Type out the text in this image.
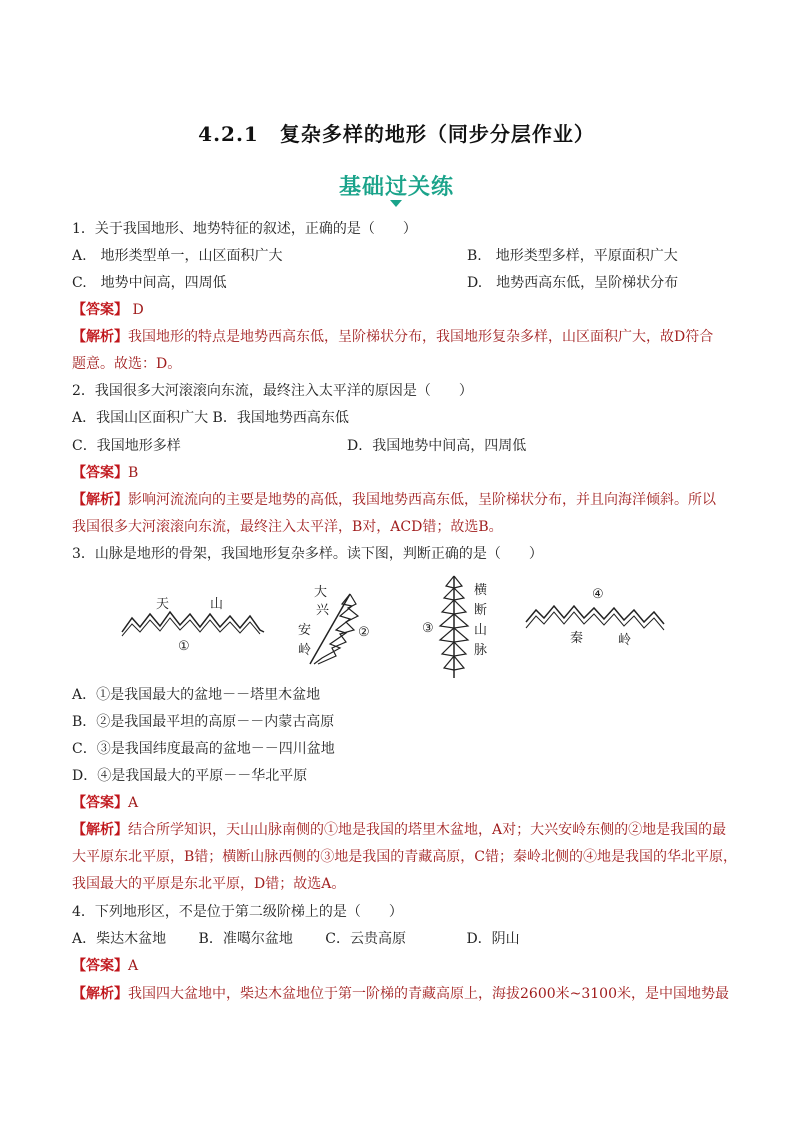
4.2.1　复杂多样的地形（同步分层作业）
基础过关练
1．关于我国地形、地势特征的叙述，正确的是（　　）
A.　地形类型单一，山区面积广大	B.　地形类型多样，平原面积广大
C.　地势中间高，四周低	D.　地势西高东低，呈阶梯状分布
【答案】 D
【解析】我国地形的特点是地势西高东低，呈阶梯状分布，我国地形复杂多样，山区面积广大，故D符合
题意。故选：D。
2．我国很多大河滚滚向东流，最终注入太平洋的原因是（　　）
A．我国山区面积广大 B．我国地势西高东低
C．我国地形多样	D．我国地势中间高，四周低
【答案】B
【解析】影响河流流向的主要是地势的高低，我国地势西高东低，呈阶梯状分布，并且向海洋倾斜。所以
我国很多大河滚滚向东流，最终注入太平洋，B对，ACD错；故选B。
3．山脉是地形的骨架，我国地形复杂多样。读下图，判断正确的是（　　）
天	山
①
大
兴
安
岭
②	③
横
断
山
脉
④
秦	岭
A．①是我国最大的盆地－－塔里木盆地
B．②是我国最平坦的高原－－内蒙古高原
C．③是我国纬度最高的盆地－－四川盆地
D．④是我国最大的平原－－华北平原
【答案】A
【解析】结合所学知识，天山山脉南侧的①地是我国的塔里木盆地，A对；大兴安岭东侧的②地是我国的最
大平原东北平原，B错；横断山脉西侧的③地是我国的青藏高原，C错；秦岭北侧的④地是我国的华北平原，
我国最大的平原是东北平原，D错；故选A。
4．下列地形区，不是位于第二级阶梯上的是（　　）
A．柴达木盆地　　 B．准噶尔盆地　　 C．云贵高原　　　　 D．阴山
【答案】A
【解析】我国四大盆地中，柴达木盆地位于第一阶梯的青藏高原上，海拔2600米~3100米，是中国地势最
